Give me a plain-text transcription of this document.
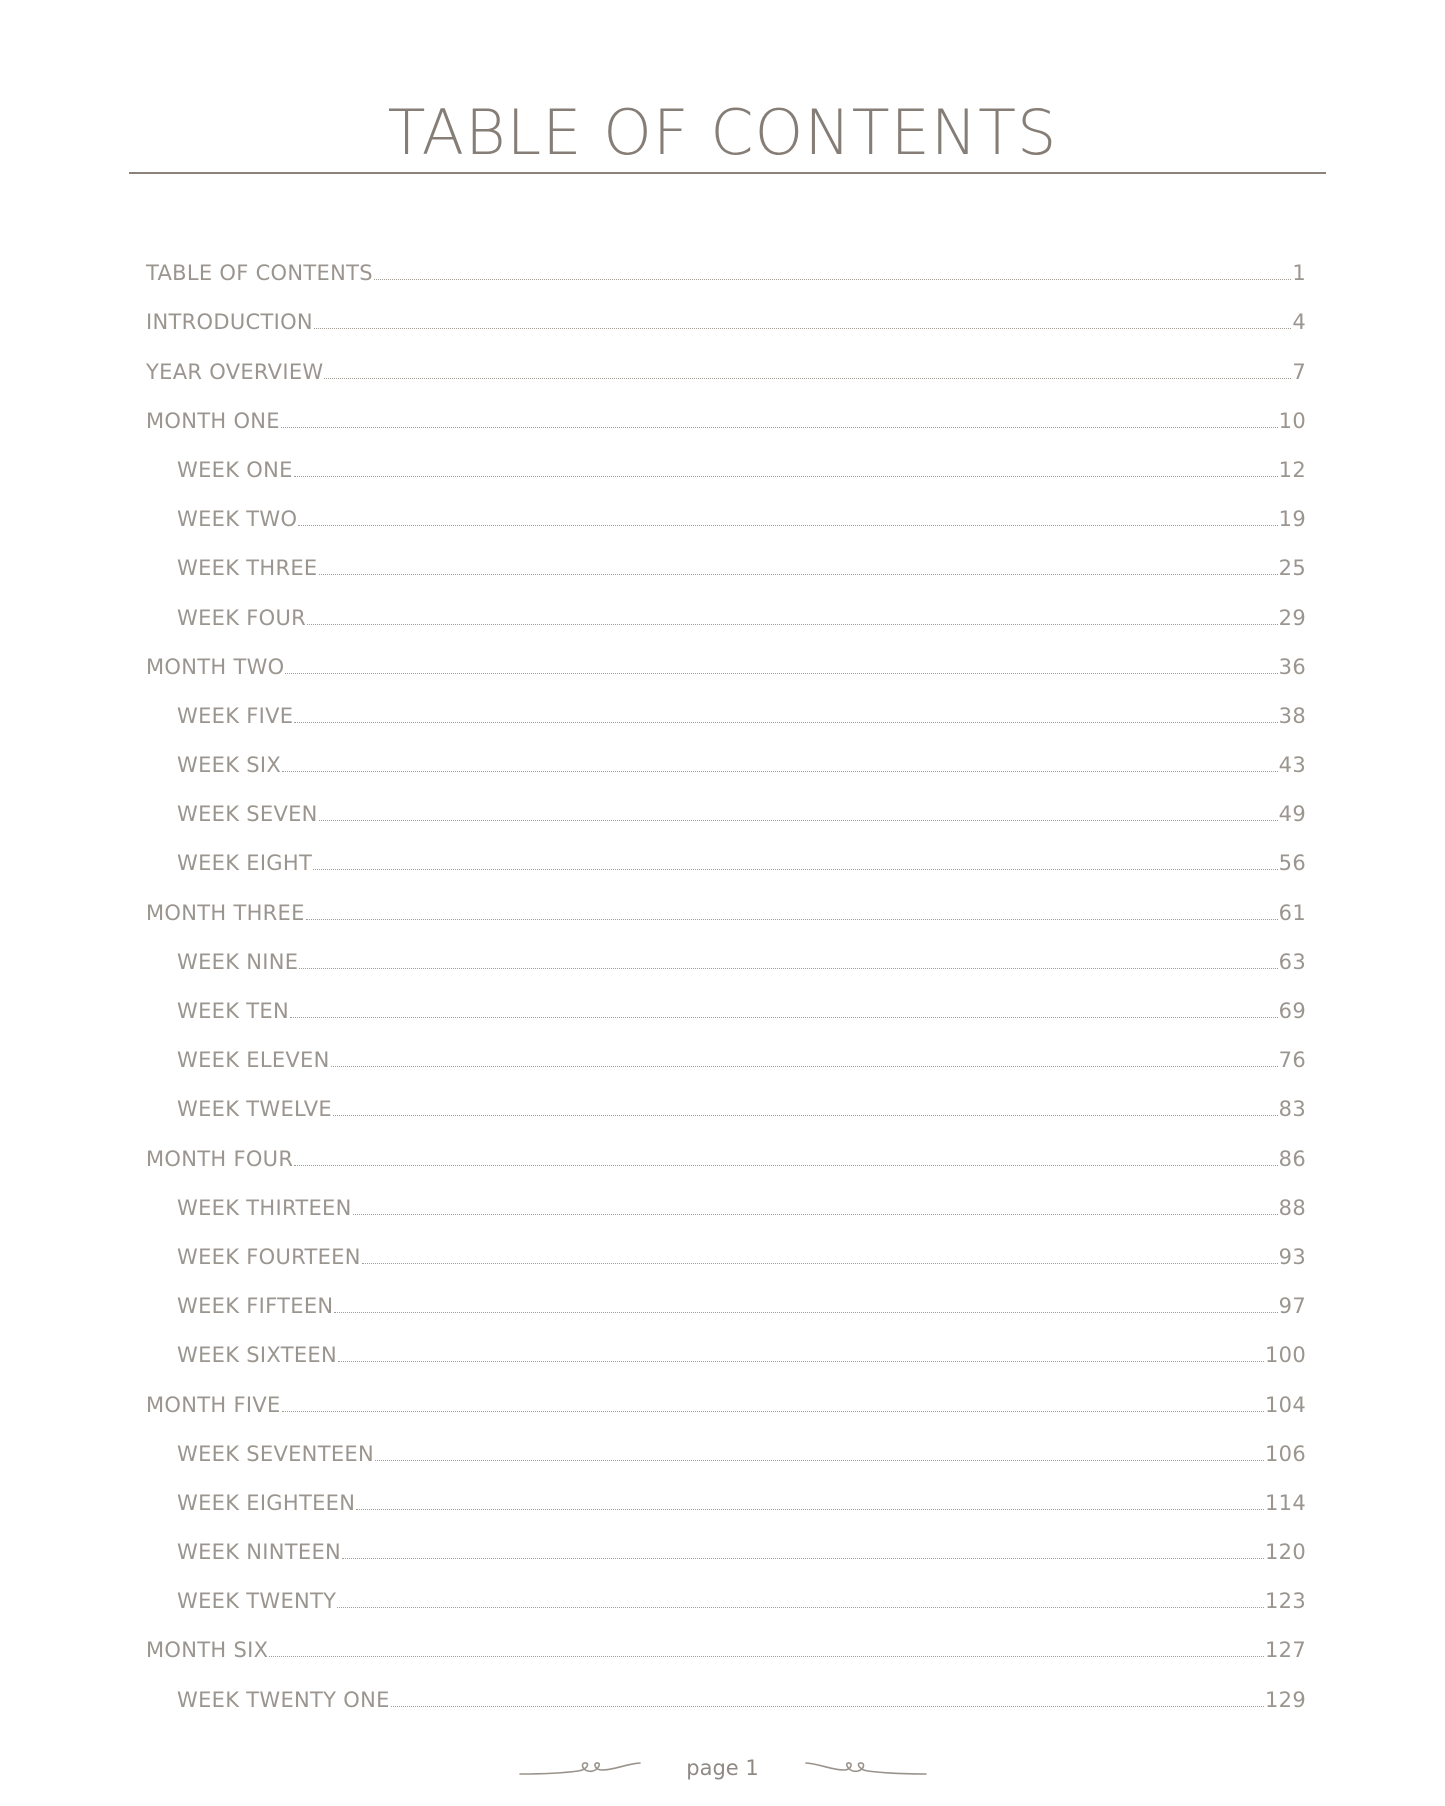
TABLE OF CONTENTS
TABLE OF CONTENTS	1
INTRODUCTION	4
YEAR OVERVIEW	7
MONTH ONE	10
WEEK ONE	12
WEEK TWO	19
WEEK THREE	25
WEEK FOUR	29
MONTH TWO	36
WEEK FIVE	38
WEEK SIX	43
WEEK SEVEN	49
WEEK EIGHT	56
MONTH THREE	61
WEEK NINE	63
WEEK TEN	69
WEEK ELEVEN	76
WEEK TWELVE	83
MONTH FOUR	86
WEEK THIRTEEN	88
WEEK FOURTEEN	93
WEEK FIFTEEN	97
WEEK SIXTEEN	100
MONTH FIVE	104
WEEK SEVENTEEN	106
WEEK EIGHTEEN	114
WEEK NINTEEN	120
WEEK TWENTY	123
MONTH SIX	127
WEEK TWENTY ONE	129
page 1
